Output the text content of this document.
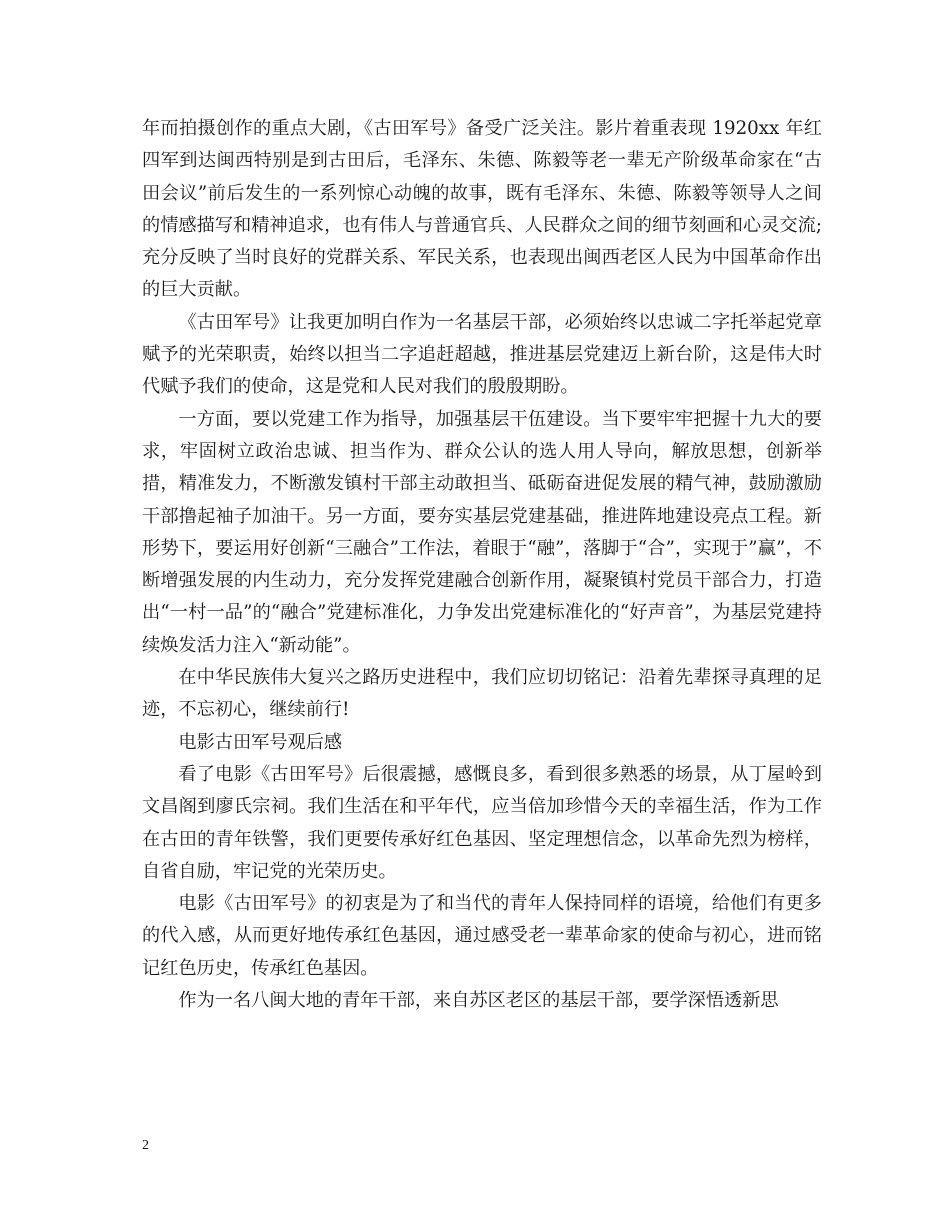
年而拍摄创作的重点大剧，《古田军号》备受广泛关注。影片着重表现 1920xx 年红四军到达闽西特别是到古田后，毛泽东、朱德、陈毅等老一辈无产阶级革命家在“古田会议”前后发生的一系列惊心动魄的故事，既有毛泽东、朱德、陈毅等领导人之间的情感描写和精神追求，也有伟人与普通官兵、人民群众之间的细节刻画和心灵交流;充分反映了当时良好的党群关系、军民关系，也表现出闽西老区人民为中国革命作出的巨大贡献。

《古田军号》让我更加明白作为一名基层干部，必须始终以忠诚二字托举起党章赋予的光荣职责，始终以担当二字追赶超越，推进基层党建迈上新台阶，这是伟大时代赋予我们的使命，这是党和人民对我们的殷殷期盼。

一方面，要以党建工作为指导，加强基层干伍建设。当下要牢牢把握十九大的要求，牢固树立政治忠诚、担当作为、群众公认的选人用人导向，解放思想，创新举措，精准发力，不断激发镇村干部主动敢担当、砥砺奋进促发展的精气神，鼓励激励干部撸起袖子加油干。另一方面，要夯实基层党建基础，推进阵地建设亮点工程。新形势下，要运用好创新“三融合”工作法，着眼于“融”，落脚于“合”，实现于”赢”，不断增强发展的内生动力，充分发挥党建融合创新作用，凝聚镇村党员干部合力，打造出“一村一品”的“融合”党建标准化，力争发出党建标准化的“好声音”，为基层党建持续焕发活力注入“新动能”。

在中华民族伟大复兴之路历史进程中，我们应切切铭记：沿着先辈探寻真理的足迹，不忘初心，继续前行!

电影古田军号观后感

看了电影《古田军号》后很震撼，感慨良多，看到很多熟悉的场景，从丁屋岭到文昌阁到廖氏宗祠。我们生活在和平年代，应当倍加珍惜今天的幸福生活，作为工作在古田的青年铁警，我们更要传承好红色基因、坚定理想信念，以革命先烈为榜样，自省自励，牢记党的光荣历史。

电影《古田军号》的初衷是为了和当代的青年人保持同样的语境，给他们有更多的代入感，从而更好地传承红色基因，通过感受老一辈革命家的使命与初心，进而铭记红色历史，传承红色基因。

作为一名八闽大地的青年干部，来自苏区老区的基层干部，要学深悟透新思

2
